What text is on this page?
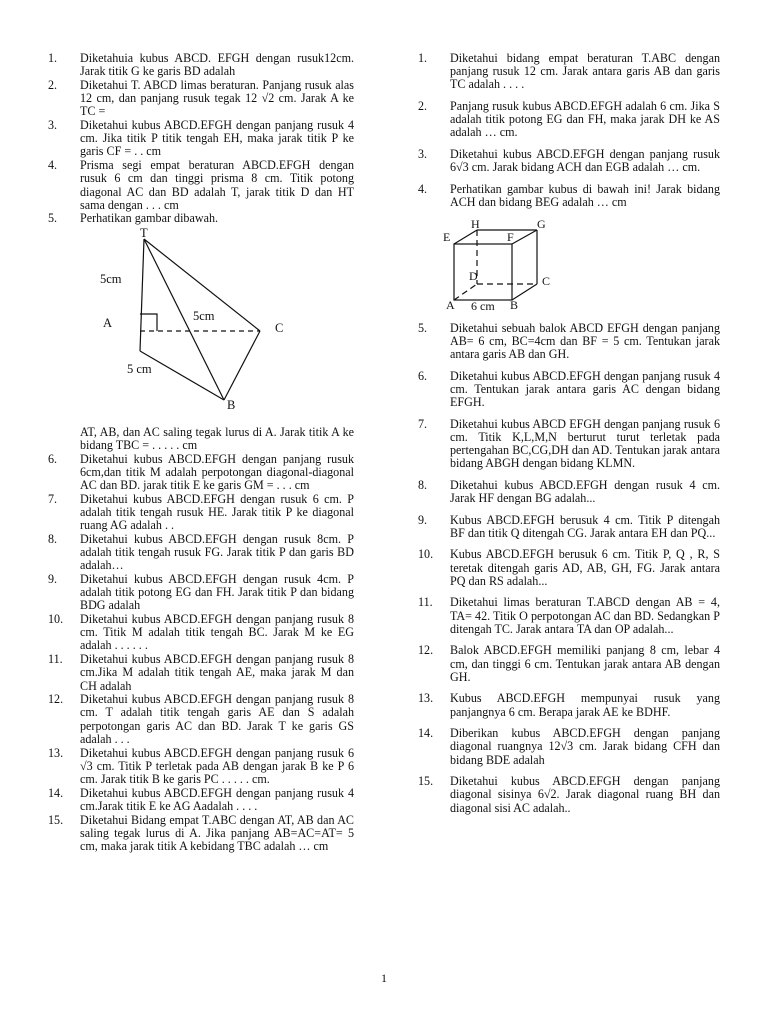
1.	Diketahuia kubus ABCD. EFGH dengan rusuk12cm. Jarak titik G ke garis BD adalah
2.	Diketahui T. ABCD limas beraturan. Panjang rusuk alas 12 cm, dan panjang rusuk tegak 12 √2 cm. Jarak A ke TC =
3.	Diketahui kubus ABCD.EFGH dengan panjang rusuk 4 cm. Jika titik P titik tengah EH, maka jarak titik P ke garis CF = . . cm
4.	Prisma segi empat beraturan ABCD.EFGH dengan rusuk 6 cm dan tinggi prisma 8 cm. Titik potong diagonal AC dan BD adalah T, jarak titik D dan HT sama dengan . . . cm
5.	Perhatikan gambar dibawah.
T
5cm
A	5cm
C
5 cm
B
AT, AB, dan AC saling tegak lurus di A. Jarak titik A ke bidang TBC = . . . . . cm
6.	Diketahui kubus ABCD.EFGH dengan panjang rusuk 6cm,dan titik M adalah perpotongan diagonal-diagonal AC dan BD. jarak titik E ke garis GM = . . . cm
7.	Diketahui kubus ABCD.EFGH dengan rusuk 6 cm. P adalah titik tengah rusuk HE. Jarak titik P ke diagonal ruang AG adalah . .
8.	Diketahui kubus ABCD.EFGH dengan rusuk 8cm. P adalah titik tengah rusuk FG. Jarak titik P dan garis BD adalah…
9.	Diketahui kubus ABCD.EFGH dengan rusuk 4cm. P adalah titik potong EG dan FH. Jarak titik P dan bidang BDG adalah
10.	Diketahui kubus ABCD.EFGH dengan panjang rusuk 8 cm. Titik M adalah titik tengah BC. Jarak M ke EG adalah . . . . . .
11.	Diketahui kubus ABCD.EFGH dengan panjang rusuk 8 cm.Jika M adalah titik tengah AE, maka jarak M dan CH adalah
12.	Diketahui kubus ABCD.EFGH dengan panjang rusuk 8 cm. T adalah titik tengah garis AE dan S adalah perpotongan garis AC dan BD. Jarak T ke garis GS adalah . . .
13.	Diketahui kubus ABCD.EFGH dengan panjang rusuk 6 √3 cm. Titik P terletak pada AB dengan jarak B ke P 6 cm. Jarak titik B ke garis PC . . . . . cm.
14.	Diketahui kubus ABCD.EFGH dengan panjang rusuk 4 cm.Jarak titik E ke AG Aadalah . . . .
15.	Diketahui Bidang empat T.ABC dengan AT, AB dan AC saling tegak lurus di A. Jika panjang AB=AC=AT= 5 cm, maka jarak titik A kebidang TBC adalah … cm
1.	Diketahui bidang empat beraturan T.ABC dengan panjang rusuk 12 cm. Jarak antara garis AB dan garis TC adalah . . . .
2.	Panjang rusuk kubus ABCD.EFGH adalah 6 cm. Jika S adalah titik potong EG dan FH, maka jarak DH ke AS adalah … cm.
3.	Diketahui kubus ABCD.EFGH dengan panjang rusuk 6√3 cm. Jarak bidang ACH dan EGB adalah … cm.
4.	Perhatikan gambar kubus di bawah ini! Jarak bidang ACH dan bidang BEG adalah … cm
E
H	G
F
D	C
A	B
6 cm
5.	Diketahui sebuah balok ABCD EFGH dengan panjang AB= 6 cm, BC=4cm dan BF = 5 cm. Tentukan jarak antara garis AB dan GH.
6.	Diketahui kubus ABCD.EFGH dengan panjang rusuk 4 cm. Tentukan jarak antara garis AC dengan bidang EFGH.
7.	Diketahui kubus ABCD EFGH dengan panjang rusuk 6 cm. Titik K,L,M,N berturut turut terletak pada pertengahan BC,CG,DH dan AD. Tentukan jarak antara bidang ABGH dengan bidang KLMN.
8.	Diketahui kubus ABCD.EFGH dengan rusuk 4 cm. Jarak HF dengan BG adalah...
9.	Kubus ABCD.EFGH berusuk 4 cm. Titik P ditengah BF dan titik Q ditengah CG. Jarak antara EH dan PQ...
10.	Kubus ABCD.EFGH berusuk 6 cm. Titik P, Q , R, S teretak ditengah garis AD, AB, GH, FG. Jarak antara PQ dan RS adalah...
11.	Diketahui limas beraturan T.ABCD dengan AB = 4, TA= 42. Titik O perpotongan AC dan BD. Sedangkan P ditengah TC. Jarak antara TA dan OP adalah...
12.	Balok ABCD.EFGH memiliki panjang 8 cm, lebar 4 cm, dan tinggi 6 cm. Tentukan jarak antara AB dengan GH.
13.	Kubus ABCD.EFGH mempunyai rusuk yang panjangnya 6 cm. Berapa jarak AE ke BDHF.
14.	Diberikan kubus ABCD.EFGH dengan panjang diagonal ruangnya 12√3 cm. Jarak bidang CFH dan bidang BDE adalah
15.	Diketahui kubus ABCD.EFGH dengan panjang diagonal sisinya 6√2. Jarak diagonal ruang BH dan diagonal sisi AC adalah..
1
